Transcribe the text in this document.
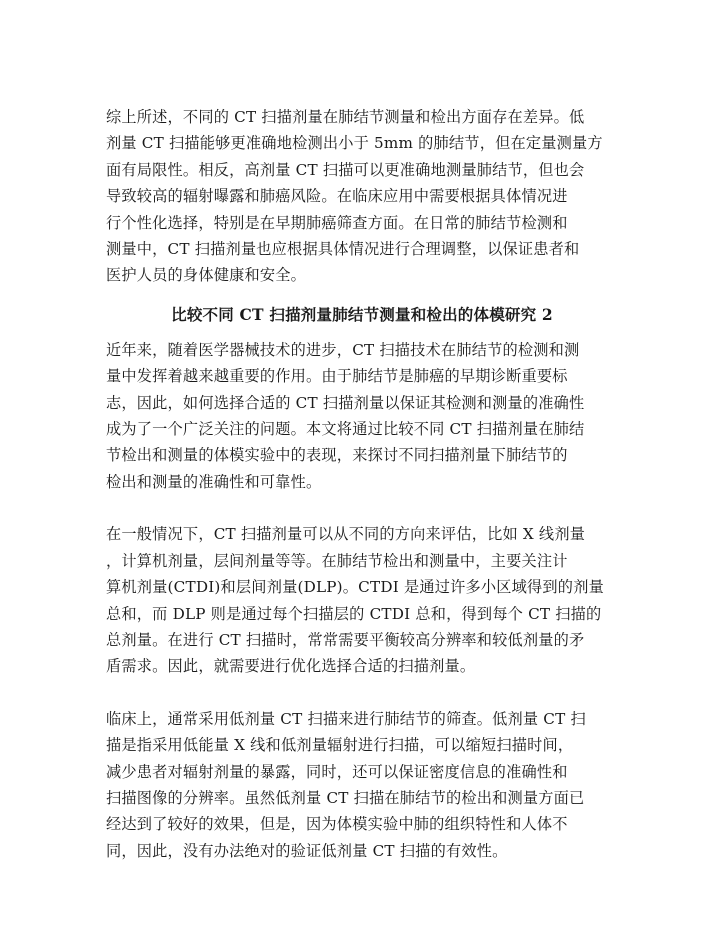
综上所述，不同的 CT 扫描剂量在肺结节测量和检出方面存在差异。低
剂量 CT 扫描能够更准确地检测出小于 5mm 的肺结节，但在定量测量方
面有局限性。相反，高剂量 CT 扫描可以更准确地测量肺结节，但也会
导致较高的辐射曝露和肺癌风险。在临床应用中需要根据具体情况进
行个性化选择，特别是在早期肺癌筛查方面。在日常的肺结节检测和
测量中，CT 扫描剂量也应根据具体情况进行合理调整，以保证患者和
医护人员的身体健康和安全。

比较不同 CT 扫描剂量肺结节测量和检出的体模研究 2

近年来，随着医学器械技术的进步，CT 扫描技术在肺结节的检测和测
量中发挥着越来越重要的作用。由于肺结节是肺癌的早期诊断重要标
志，因此，如何选择合适的 CT 扫描剂量以保证其检测和测量的准确性
成为了一个广泛关注的问题。本文将通过比较不同 CT 扫描剂量在肺结
节检出和测量的体模实验中的表现，来探讨不同扫描剂量下肺结节的
检出和测量的准确性和可靠性。

在一般情况下，CT 扫描剂量可以从不同的方向来评估，比如 X 线剂量
，计算机剂量，层间剂量等等。在肺结节检出和测量中，主要关注计
算机剂量(CTDI)和层间剂量(DLP)。CTDI 是通过许多小区域得到的剂量
总和，而 DLP 则是通过每个扫描层的 CTDI 总和，得到每个 CT 扫描的
总剂量。在进行 CT 扫描时，常常需要平衡较高分辨率和较低剂量的矛
盾需求。因此，就需要进行优化选择合适的扫描剂量。

临床上，通常采用低剂量 CT 扫描来进行肺结节的筛查。低剂量 CT 扫
描是指采用低能量 X 线和低剂量辐射进行扫描，可以缩短扫描时间，
减少患者对辐射剂量的暴露，同时，还可以保证密度信息的准确性和
扫描图像的分辨率。虽然低剂量 CT 扫描在肺结节的检出和测量方面已
经达到了较好的效果，但是，因为体模实验中肺的组织特性和人体不
同，因此，没有办法绝对的验证低剂量 CT 扫描的有效性。
